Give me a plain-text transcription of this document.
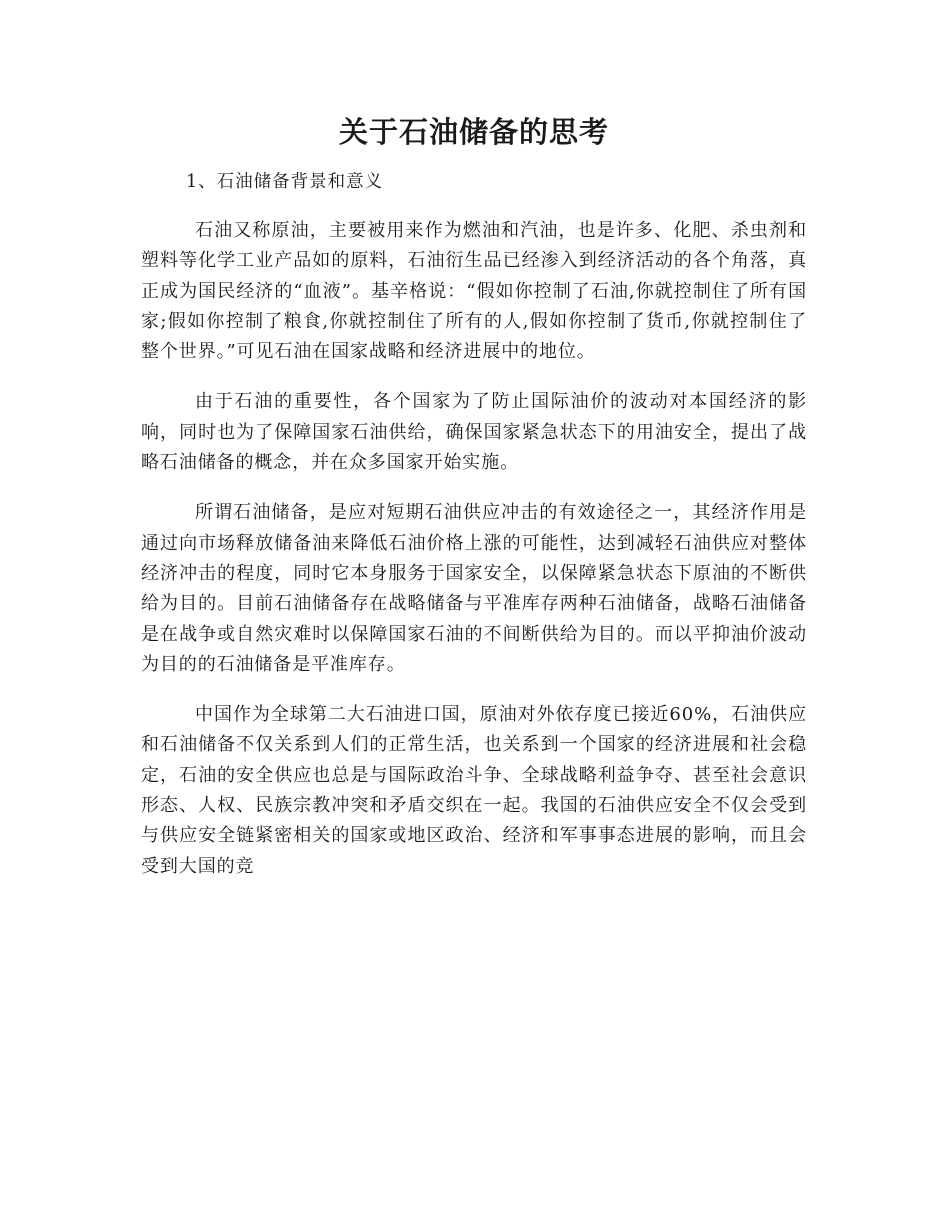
关于石油储备的思考
1、石油储备背景和意义

石油又称原油，主要被用来作为燃油和汽油，也是许多、化肥、杀虫剂和塑料等化学工业产品如的原料，石油衍生品已经渗入到经济活动的各个角落，真正成为国民经济的“血液”。基辛格说：“假如你控制了石油,你就控制住了所有国家;假如你控制了粮食,你就控制住了所有的人,假如你控制了货币,你就控制住了整个世界。”可见石油在国家战略和经济进展中的地位。

由于石油的重要性，各个国家为了防止国际油价的波动对本国经济的影响，同时也为了保障国家石油供给，确保国家紧急状态下的用油安全，提出了战略石油储备的概念，并在众多国家开始实施。

所谓石油储备，是应对短期石油供应冲击的有效途径之一，其经济作用是通过向市场释放储备油来降低石油价格上涨的可能性，达到减轻石油供应对整体经济冲击的程度，同时它本身服务于国家安全，以保障紧急状态下原油的不断供给为目的。目前石油储备存在战略储备与平准库存两种石油储备，战略石油储备是在战争或自然灾难时以保障国家石油的不间断供给为目的。而以平抑油价波动为目的的石油储备是平准库存。

中国作为全球第二大石油进口国，原油对外依存度已接近60%，石油供应和石油储备不仅关系到人们的正常生活，也关系到一个国家的经济进展和社会稳定，石油的安全供应也总是与国际政治斗争、全球战略利益争夺、甚至社会意识形态、人权、民族宗教冲突和矛盾交织在一起。我国的石油供应安全不仅会受到与供应安全链紧密相关的国家或地区政治、经济和军事事态进展的影响，而且会受到大国的竞
